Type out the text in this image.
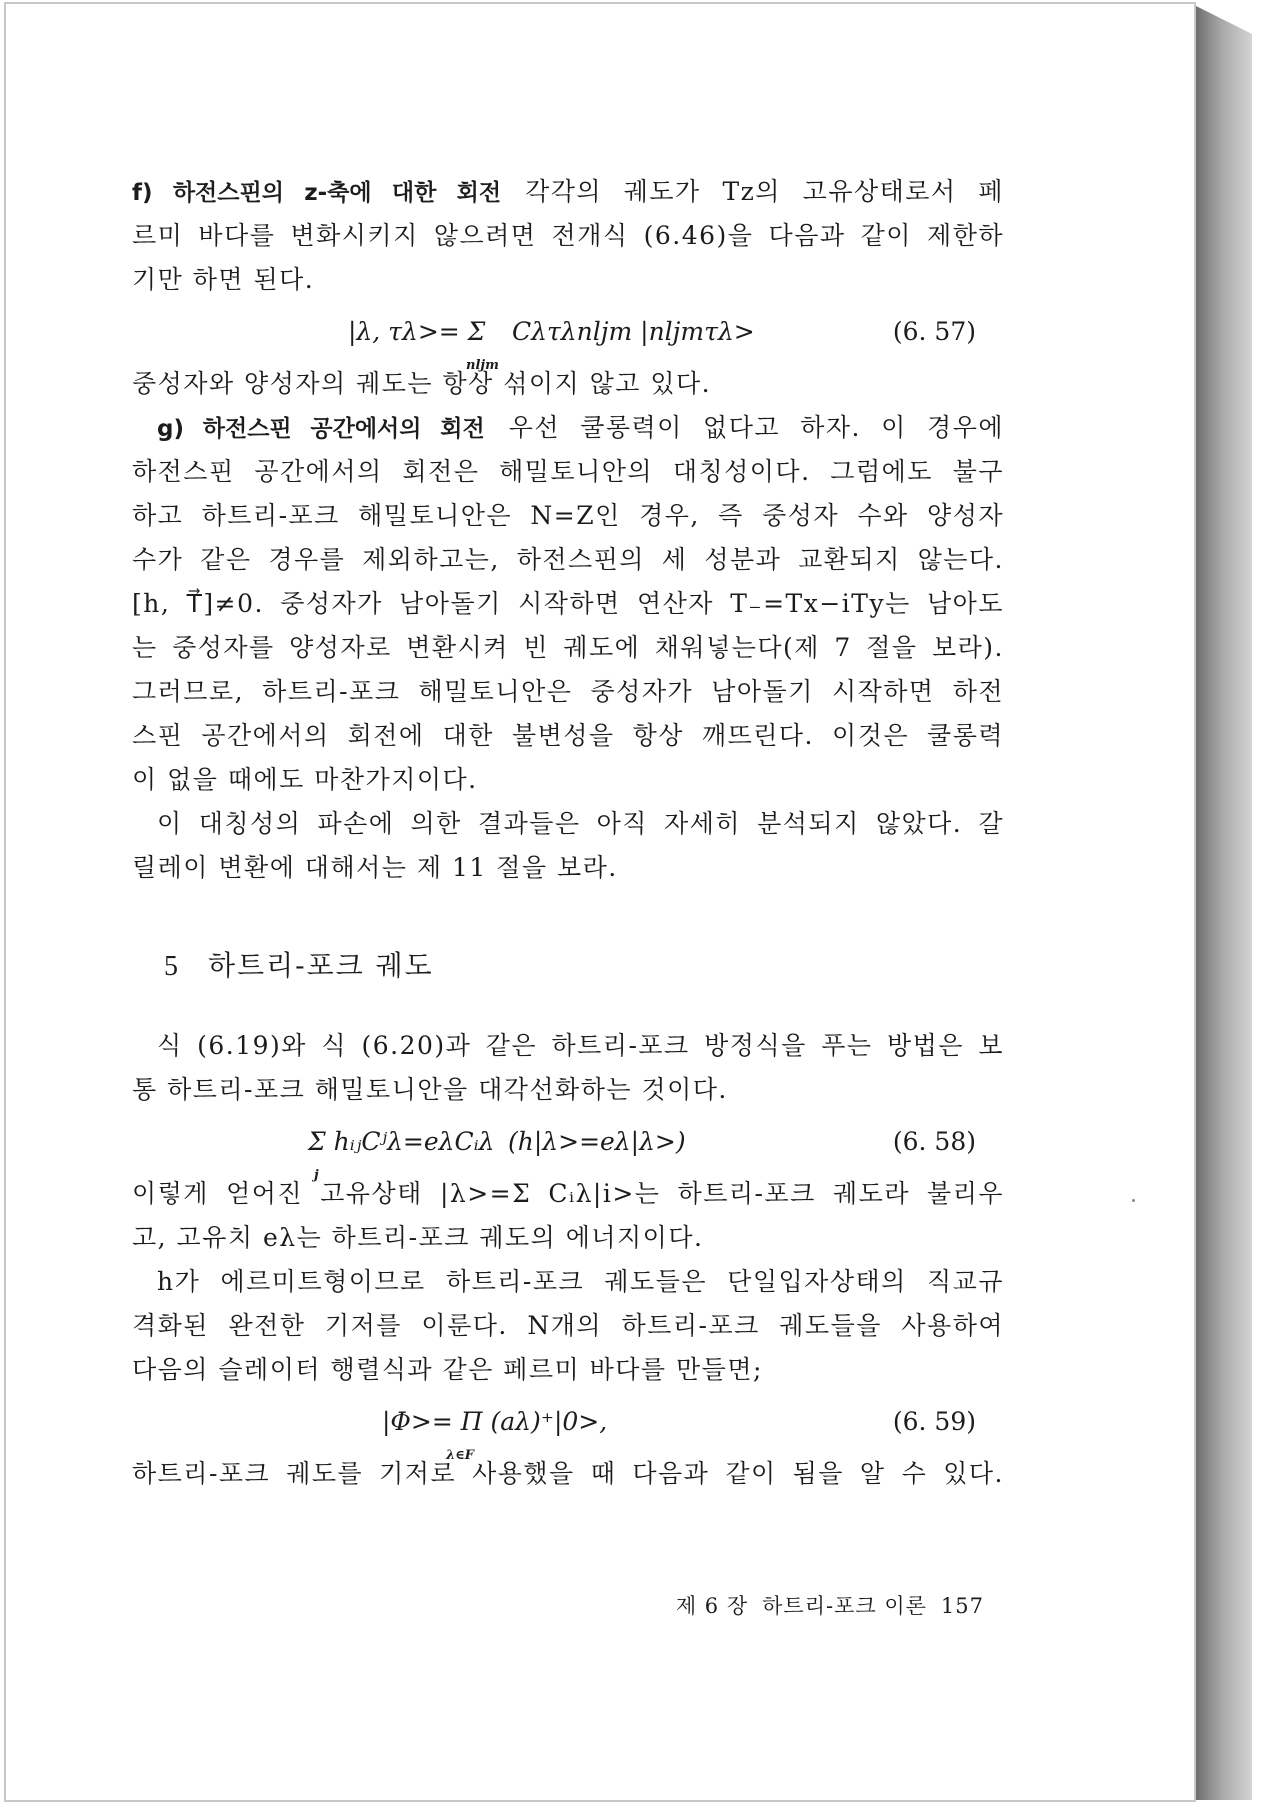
f) 하전스핀의 z-축에 대한 회전 각각의 궤도가 Tz의 고유상태로서 페
르미 바다를 변화시키지 않으려면 전개식 (6.46)을 다음과 같이 제한하
기만 하면 된다.
|λ, τλ>= Σ
nljm
Cλτλnljm |nljmτλ>	(6. 57)
중성자와 양성자의 궤도는 항상 섞이지 않고 있다.
g) 하전스핀 공간에서의 회전 우선 쿨롱력이 없다고 하자. 이 경우에
하전스핀 공간에서의 회전은 해밀토니안의 대칭성이다. 그럼에도 불구
하고 하트리-포크 해밀토니안은 N=Z인 경우, 즉 중성자 수와 양성자
수가 같은 경우를 제외하고는, 하전스핀의 세 성분과 교환되지 않는다.
[h, T⃗]≠0. 중성자가 남아돌기 시작하면 연산자 T₋=Tx−iTy는 남아도
는 중성자를 양성자로 변환시켜 빈 궤도에 채워넣는다(제 7 절을 보라).
그러므로, 하트리-포크 해밀토니안은 중성자가 남아돌기 시작하면 하전
스핀 공간에서의 회전에 대한 불변성을 항상 깨뜨린다. 이것은 쿨롱력
이 없을 때에도 마찬가지이다.
이 대칭성의 파손에 의한 결과들은 아직 자세히 분석되지 않았다. 갈
릴레이 변환에 대해서는 제 11 절을 보라.
5 하트리-포크 궤도
식 (6.19)와 식 (6.20)과 같은 하트리-포크 방정식을 푸는 방법은 보
통 하트리-포크 해밀토니안을 대각선화하는 것이다.
Σ hᵢⱼCʲλ=eλCᵢλ
j
(h|λ>=eλ|λ>)	(6. 58)
이렇게 얻어진 고유상태 |λ>=Σ Cᵢλ|i>는 하트리-포크 궤도라 불리우
고, 고유치 eλ는 하트리-포크 궤도의 에너지이다.
h가 에르미트형이므로 하트리-포크 궤도들은 단일입자상태의 직교규
격화된 완전한 기저를 이룬다. N개의 하트리-포크 궤도들을 사용하여
다음의 슬레이터 행렬식과 같은 페르미 바다를 만들면;
|Φ>= Π (aλ)⁺|0>,
λ∈F
(6. 59)
하트리-포크 궤도를 기저로 사용했을 때 다음과 같이 됨을 알 수 있다.
제 6 장 하트리-포크 이론 157
